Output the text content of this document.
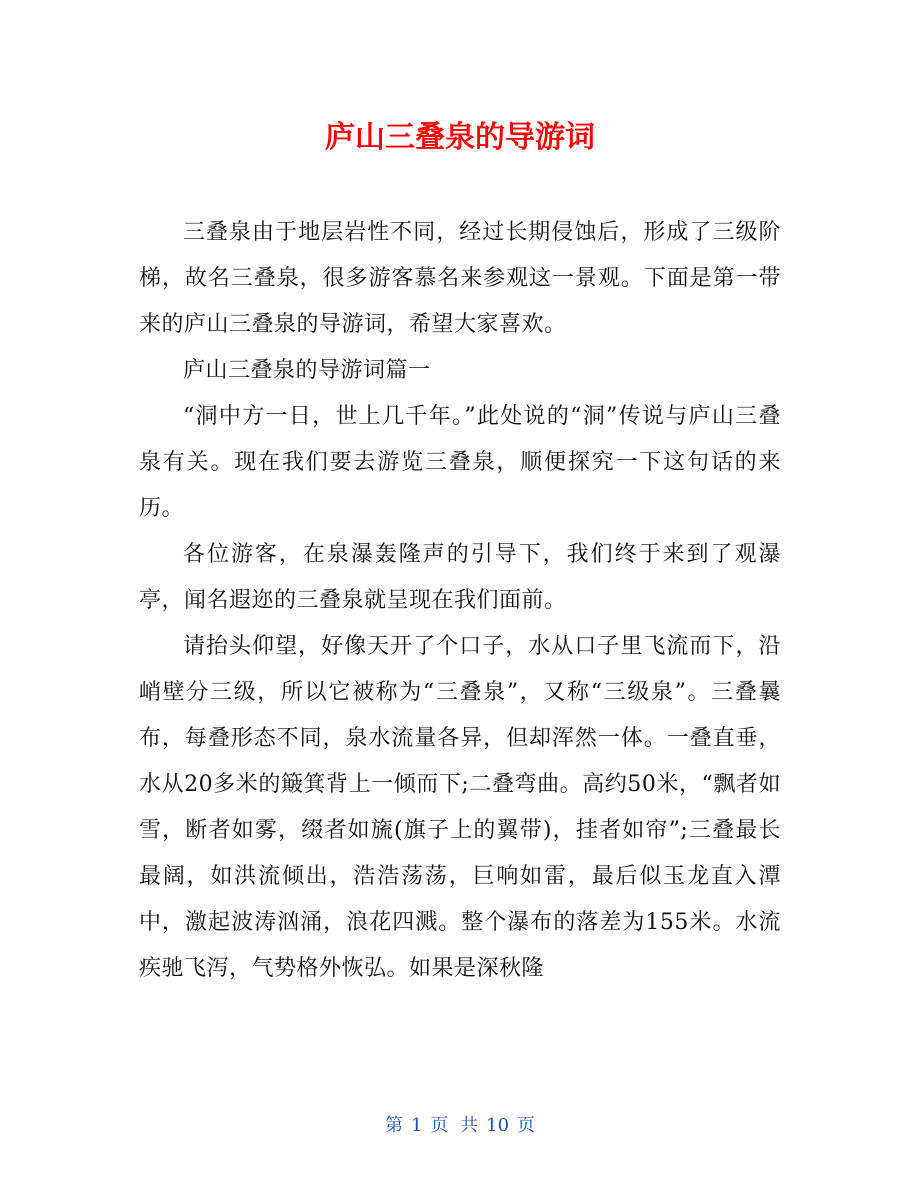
庐山三叠泉的导游词

三叠泉由于地层岩性不同，经过长期侵蚀后，形成了三级阶梯，故名三叠泉，很多游客慕名来参观这一景观。下面是第一带来的庐山三叠泉的导游词，希望大家喜欢。

庐山三叠泉的导游词篇一

“洞中方一日，世上几千年。”此处说的“洞”传说与庐山三叠泉有关。现在我们要去游览三叠泉，顺便探究一下这句话的来历。

各位游客，在泉瀑轰隆声的引导下，我们终于来到了观瀑亭，闻名遐迩的三叠泉就呈现在我们面前。

请抬头仰望，好像天开了个口子，水从口子里飞流而下，沿峭壁分三级，所以它被称为“三叠泉”，又称“三级泉”。三叠曩布，每叠形态不同，泉水流量各异，但却浑然一体。一叠直垂，水从20多米的簸箕背上一倾而下;二叠弯曲。高约50米，“飘者如雪，断者如雾，缀者如旒(旗子上的翼带)，挂者如帘”;三叠最长最阔，如洪流倾出，浩浩荡荡，巨响如雷，最后似玉龙直入潭中，激起波涛汹涌，浪花四溅。整个瀑布的落差为155米。水流疾驰飞泻，气势格外恢弘。如果是深秋隆

第 1 页 共 10 页
